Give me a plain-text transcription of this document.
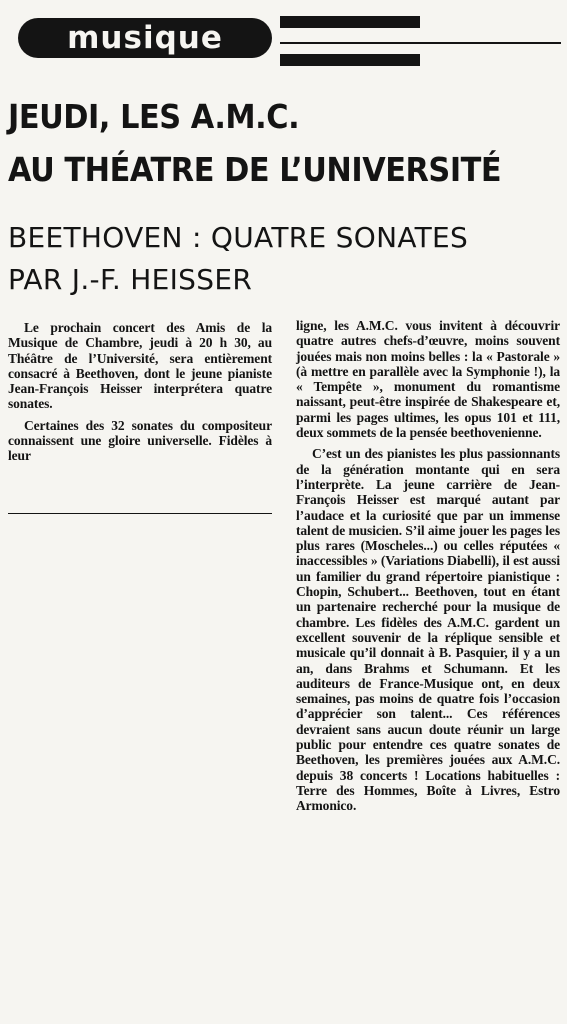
musique
JEUDI, LES A.M.C.
AU THÉATRE DE L’UNIVERSITÉ
BEETHOVEN : QUATRE SONATES
PAR J.-F. HEISSER

Le prochain concert des Amis de la Musique de Chambre, jeudi à 20 h 30, au Théâtre de l’Université, sera entièrement consacré à Beethoven, dont le jeune pianiste Jean-François Heisser interprétera quatre sonates.

Certaines des 32 sonates du compositeur connaissent une gloire universelle. Fidèles à leur

ligne, les A.M.C. vous invitent à découvrir quatre autres chefs-d’œuvre, moins souvent jouées mais non moins belles : la « Pastorale » (à mettre en parallèle avec la Symphonie !), la « Tempête », monument du romantisme naissant, peut-être inspirée de Shakespeare et, parmi les pages ultimes, les opus 101 et 111, deux sommets de la pensée beethovenienne.

C’est un des pianistes les plus passionnants de la génération montante qui en sera l’interprète. La jeune carrière de Jean-François Heisser est marqué autant par l’audace et la curiosité que par un immense talent de musicien. S’il aime jouer les pages les plus rares (Moscheles...) ou celles réputées « inaccessibles » (Variations Diabelli), il est aussi un familier du grand répertoire pianistique : Chopin, Schubert... Beethoven, tout en étant un partenaire recherché pour la musique de chambre. Les fidèles des A.M.C. gardent un excellent souvenir de la réplique sensible et musicale qu’il donnait à B. Pasquier, il y a un an, dans Brahms et Schumann. Et les auditeurs de France-Musique ont, en deux semaines, pas moins de quatre fois l’occasion d’apprécier son talent... Ces références devraient sans aucun doute réunir un large public pour entendre ces quatre sonates de Beethoven, les premières jouées aux A.M.C. depuis 38 concerts ! Locations habituelles : Terre des Hommes, Boîte à Livres, Estro Armonico.
